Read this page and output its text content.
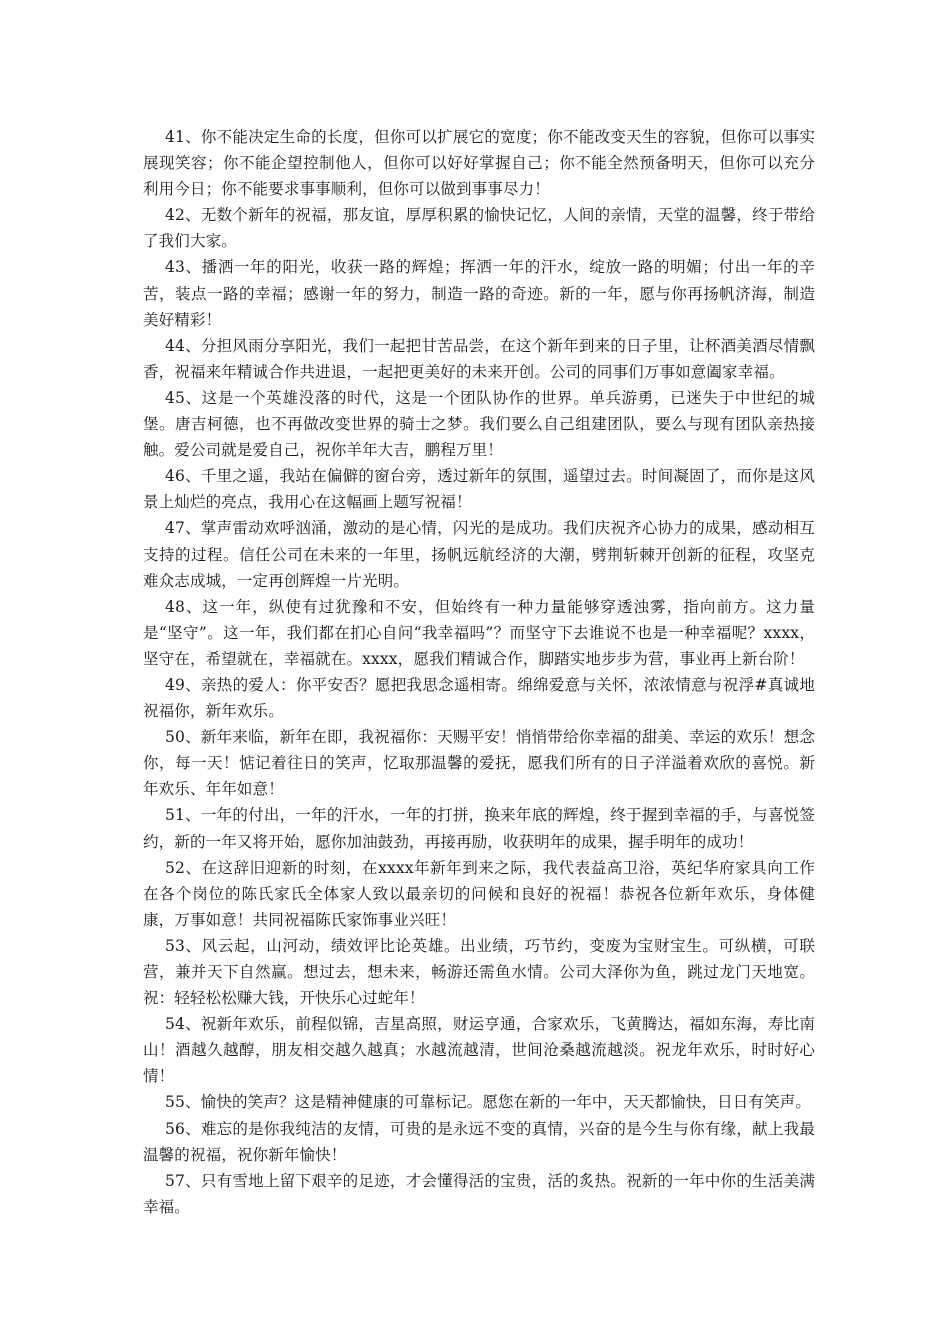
41、你不能决定生命的长度，但你可以扩展它的宽度；你不能改变天生的容貌，但你可以事实展现笑容；你不能企望控制他人，但你可以好好掌握自己；你不能全然预备明天，但你可以充分利用今日；你不能要求事事顺利，但你可以做到事事尽力！

42、无数个新年的祝福，那友谊，厚厚积累的愉快记忆，人间的亲情，天堂的温馨，终于带给了我们大家。

43、播洒一年的阳光，收获一路的辉煌；挥洒一年的汗水，绽放一路的明媚；付出一年的辛苦，装点一路的幸福；感谢一年的努力，制造一路的奇迹。新的一年，愿与你再扬帆济海，制造美好精彩！

44、分担风雨分享阳光，我们一起把甘苦品尝，在这个新年到来的日子里，让杯酒美酒尽情飘香，祝福来年精诚合作共进退，一起把更美好的未来开创。公司的同事们万事如意阖家幸福。

45、这是一个英雄没落的时代，这是一个团队协作的世界。单兵游勇，已迷失于中世纪的城堡。唐吉柯德，也不再做改变世界的骑士之梦。我们要么自己组建团队，要么与现有团队亲热接触。爱公司就是爱自己，祝你羊年大吉，鹏程万里！

46、千里之遥，我站在偏僻的窗台旁，透过新年的氛围，遥望过去。时间凝固了，而你是这风景上灿烂的亮点，我用心在这幅画上题写祝福！

47、掌声雷动欢呼汹涌，激动的是心情，闪光的是成功。我们庆祝齐心协力的成果，感动相互支持的过程。信任公司在未来的一年里，扬帆远航经济的大潮，劈荆斩棘开创新的征程，攻坚克难众志成城，一定再创辉煌一片光明。

48、这一年，纵使有过犹豫和不安，但始终有一种力量能够穿透浊雾，指向前方。这力量是“坚守”。这一年，我们都在扪心自问“我幸福吗”？而坚守下去谁说不也是一种幸福呢？xxxx，坚守在，希望就在，幸福就在。xxxx，愿我们精诚合作，脚踏实地步步为营，事业再上新台阶！

49、亲热的爱人：你平安否？愿把我思念遥相寄。绵绵爱意与关怀，浓浓情意与祝浮#真诚地祝福你，新年欢乐。

50、新年来临，新年在即，我祝福你：天赐平安！悄悄带给你幸福的甜美、幸运的欢乐！想念你，每一天！惦记着往日的笑声，忆取那温馨的爱抚，愿我们所有的日子洋溢着欢欣的喜悦。新年欢乐、年年如意！

51、一年的付出，一年的汗水，一年的打拼，换来年底的辉煌，终于握到幸福的手，与喜悦签约，新的一年又将开始，愿你加油鼓劲，再接再励，收获明年的成果，握手明年的成功！

52、在这辞旧迎新的时刻，在xxxx年新年到来之际，我代表益高卫浴，英纪华府家具向工作在各个岗位的陈氏家氏全体家人致以最亲切的问候和良好的祝福！恭祝各位新年欢乐，身体健康，万事如意！共同祝福陈氏家饰事业兴旺！

53、风云起，山河动，绩效评比论英雄。出业绩，巧节约，变废为宝财宝生。可纵横，可联营，兼并天下自然赢。想过去，想未来，畅游还需鱼水情。公司大泽你为鱼，跳过龙门天地宽。祝：轻轻松松赚大钱，开快乐心过蛇年！

54、祝新年欢乐，前程似锦，吉星高照，财运亨通，合家欢乐，飞黄腾达，福如东海，寿比南山！酒越久越醇，朋友相交越久越真；水越流越清，世间沧桑越流越淡。祝龙年欢乐，时时好心情！

55、愉快的笑声？这是精神健康的可靠标记。愿您在新的一年中，天天都愉快，日日有笑声。

56、难忘的是你我纯洁的友情，可贵的是永远不变的真情，兴奋的是今生与你有缘，献上我最温馨的祝福，祝你新年愉快！

57、只有雪地上留下艰辛的足迹，才会懂得活的宝贵，活的炙热。祝新的一年中你的生活美满幸福。
